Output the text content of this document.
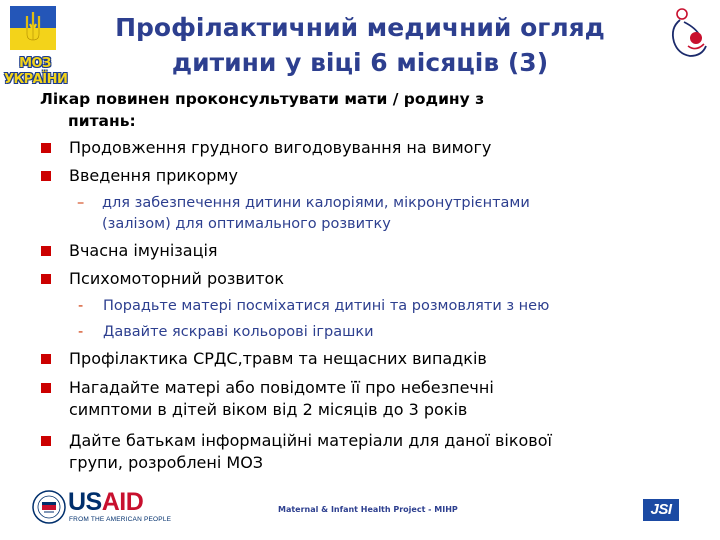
МОЗ
УКРАЇНИ
Профілактичний медичний огляд
дитини у віці 6 місяців (3)
Лікар повинен проконсультувати мати / родину з
питань:
Продовження грудного вигодовування на вимогу
Введення прикорму
–	для забезпечення дитини калоріями, мікронутрієнтами
(залізом) для оптимального розвитку
Вчасна імунізація
Психомоторний розвиток
-	Порадьте матері посміхатися дитині та розмовляти з нею
-	Давайте яскраві кольорові іграшки
Профілактика СРДС,травм та нещасних випадків
Нагадайте матері або повідомте її про небезпечні
симптоми в дітей віком від 2 місяців до 3 років
Дайте батькам інформаційні матеріали для даної вікової
групи, розроблені МОЗ
USAID
FROM THE AMERICAN PEOPLE
Maternal & Infant Health Project - MIHP	JSI
